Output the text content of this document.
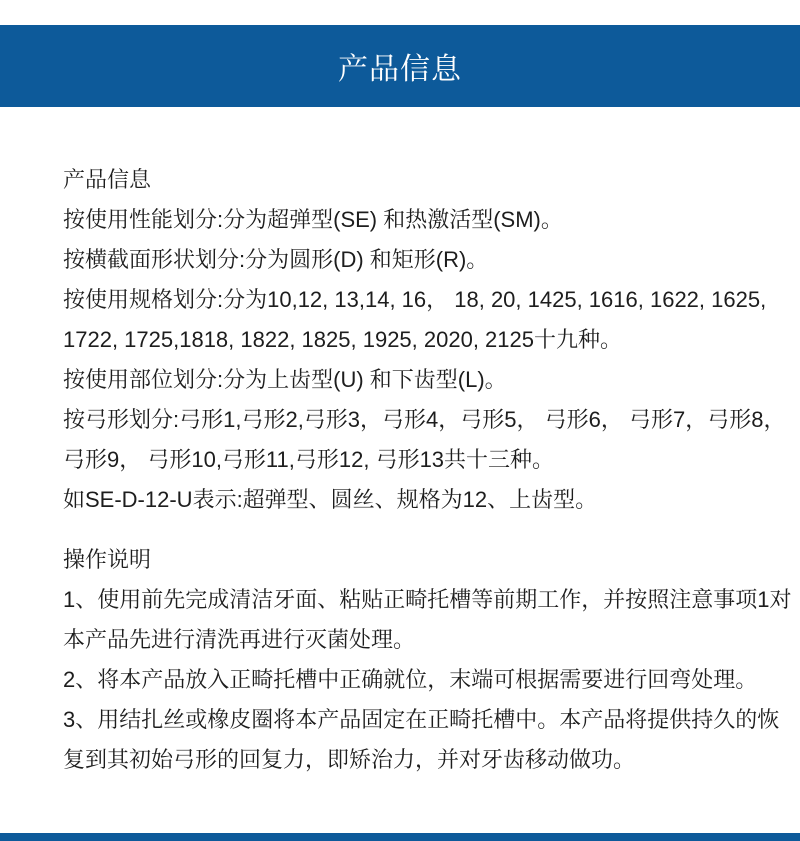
产品信息
产品信息
按使用性能划分:分为超弹型(SE) 和热激活型(SM)。
按横截面形状划分:分为圆形(D) 和矩形(R)。
按使用规格划分:分为10,12, 13,14, 16， 18, 20, 1425, 1616, 1622, 1625,
1722, 1725,1818, 1822, 1825, 1925, 2020, 2125十九种。
按使用部位划分:分为上齿型(U) 和下齿型(L)。
按弓形划分:弓形1,弓形2,弓形3，弓形4，弓形5， 弓形6， 弓形7，弓形8，
弓形9， 弓形10,弓形11,弓形12, 弓形13共十三种。
如SE-D-12-U表示:超弹型、圆丝、规格为12、上齿型。
操作说明
1、使用前先完成清洁牙面、粘贴正畸托槽等前期工作，并按照注意事项1对
本产品先进行清洗再进行灭菌处理。
2、将本产品放入正畸托槽中正确就位，末端可根据需要进行回弯处理。
3、用结扎丝或橡皮圈将本产品固定在正畸托槽中。本产品将提供持久的恢
复到其初始弓形的回复力，即矫治力，并对牙齿移动做功。
